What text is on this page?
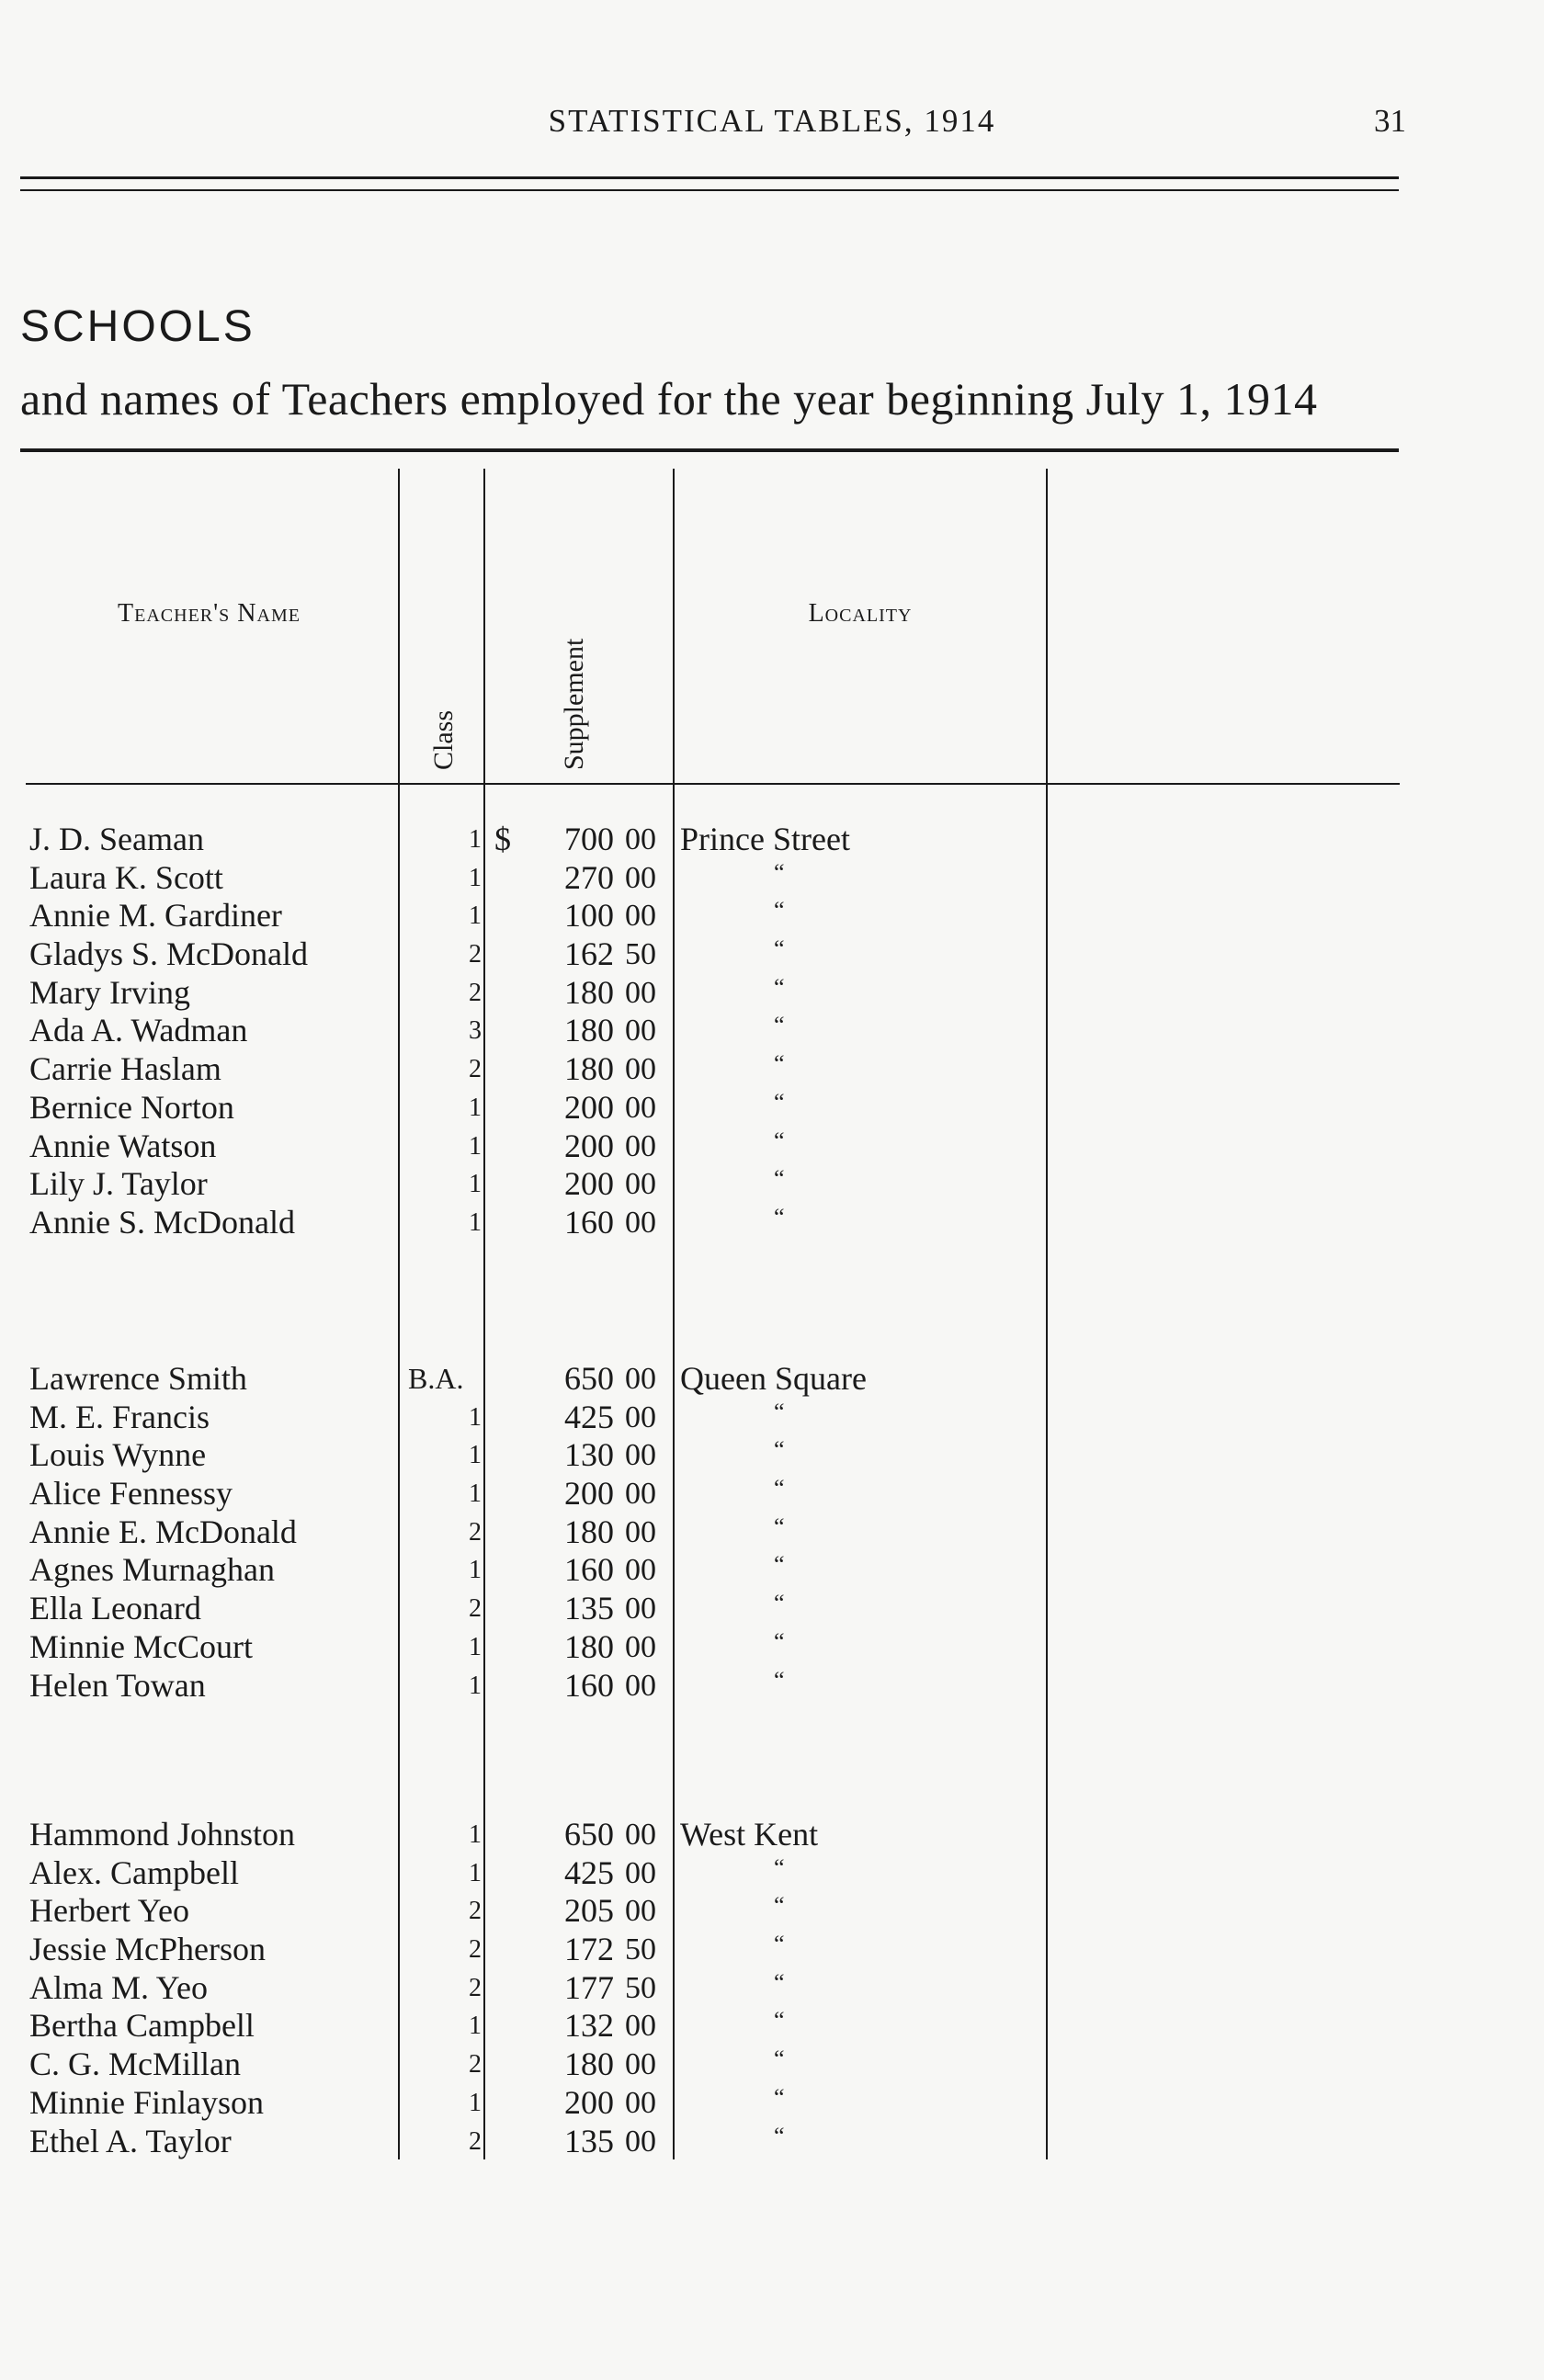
STATISTICAL TABLES, 1914	31
SCHOOLS
and names of Teachers employed for the year beginning July 1, 1914
Teacher's Name
Class	Supplement
Locality
J. D. Seaman	1 $	700 00 Prince Street
Laura K. Scott	1	270 00	“
Annie M. Gardiner	1	100 00	“
Gladys S. McDonald	2	162 50	“
Mary Irving	2	180 00	“
Ada A. Wadman	3	180 00	“
Carrie Haslam	2	180 00	“
Bernice Norton	1	200 00	“
Annie Watson	1	200 00	“
Lily J. Taylor	1	200 00	“
Annie S. McDonald	1	160 00	“
Lawrence Smith	B.A.	650 00 Queen Square
M. E. Francis	1	425 00	“
Louis Wynne	1	130 00	“
Alice Fennessy	1	200 00	“
Annie E. McDonald	2	180 00	“
Agnes Murnaghan	1	160 00	“
Ella Leonard	2	135 00	“
Minnie McCourt	1	180 00	“
Helen Towan	1	160 00	“
Hammond Johnston	1	650 00 West Kent
Alex. Campbell	1	425 00	“
Herbert Yeo	2	205 00	“
Jessie McPherson	2	172 50	“
Alma M. Yeo	2	177 50	“
Bertha Campbell	1	132 00	“
C. G. McMillan	2	180 00	“
Minnie Finlayson	1	200 00	“
Ethel A. Taylor	2	135 00	“
